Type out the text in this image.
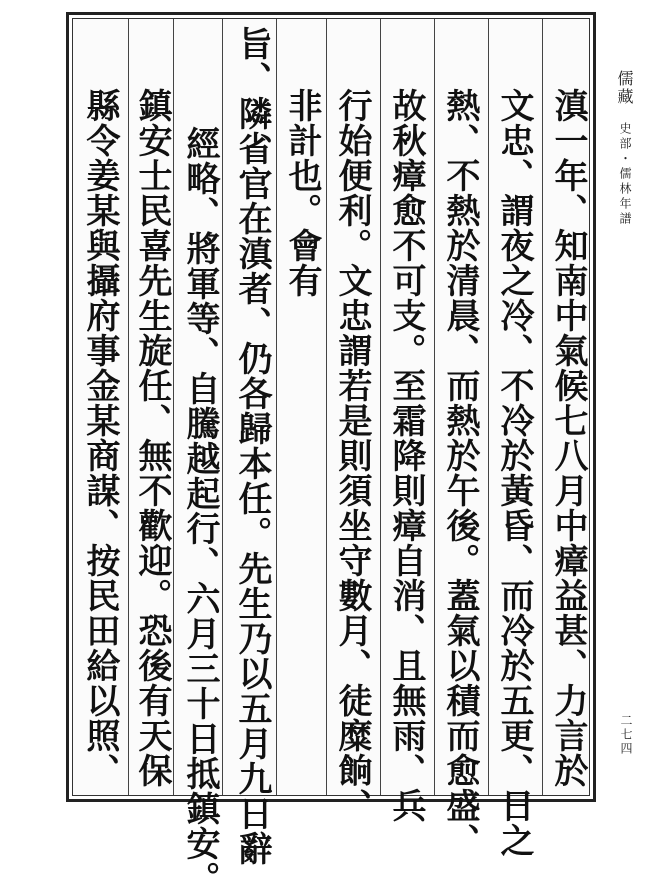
滇一年、知南中氣候七八月中瘴益甚、力言於
文忠、謂夜之冷、不冷於黃昏、而冷於五更、日之
熱、不熱於清晨、而熱於午後。蓋氣以積而愈盛、
故秋瘴愈不可支。至霜降則瘴自消、且無雨、兵
行始便利。文忠謂若是則須坐守數月、徒糜餉、
非計也。會有
旨、隣省官在滇者、仍各歸本任。先生乃以五月九日辭
經略、將軍等、自騰越起行、六月三十日抵鎮安。
鎮安士民喜先生旋任、無不歡迎。恐後有天保
縣令姜某與攝府事金某商謀、按民田給以照、	儒藏
史部・儒林年譜
二七四
